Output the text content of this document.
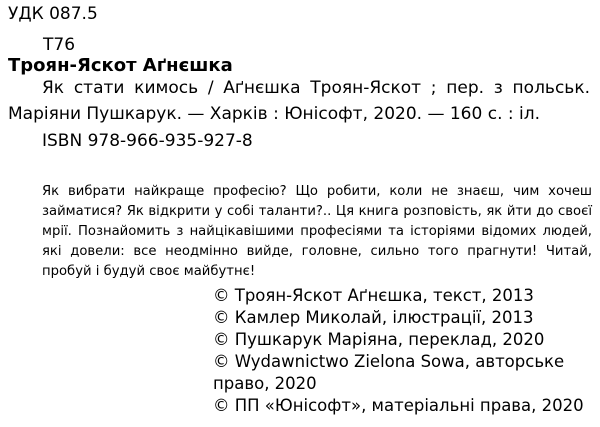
УДК 087.5
Т76
Троян-Яскот Аґнєшка
Як стати кимось / Аґнєшка Троян-Яскот ; пер. з польськ.
Маріяни Пушкарук. — Харків : Юнісофт, 2020. — 160 с. : іл.
ISBN 978-966-935-927-8
Як вибрати найкраще професію? Що робити, коли не знаєш, чим хочеш займатися? Як відкрити у собі таланти?.. Ця книга розповість, як йти до своєї мрії. Познайомить з найцікавішими професіями та історіями відомих людей, які довели: все неодмінно вийде, головне, сильно того прагнути! Читай, пробуй і будуй своє майбутнє!

© Троян-Яскот Аґнєшка, текст, 2013

© Камлер Миколай, ілюстрації, 2013

© Пушкарук Маріяна, переклад, 2020

© Wydawnictwo Zielona Sowa, авторське право, 2020

© ПП «Юнісофт», матеріальні права, 2020
